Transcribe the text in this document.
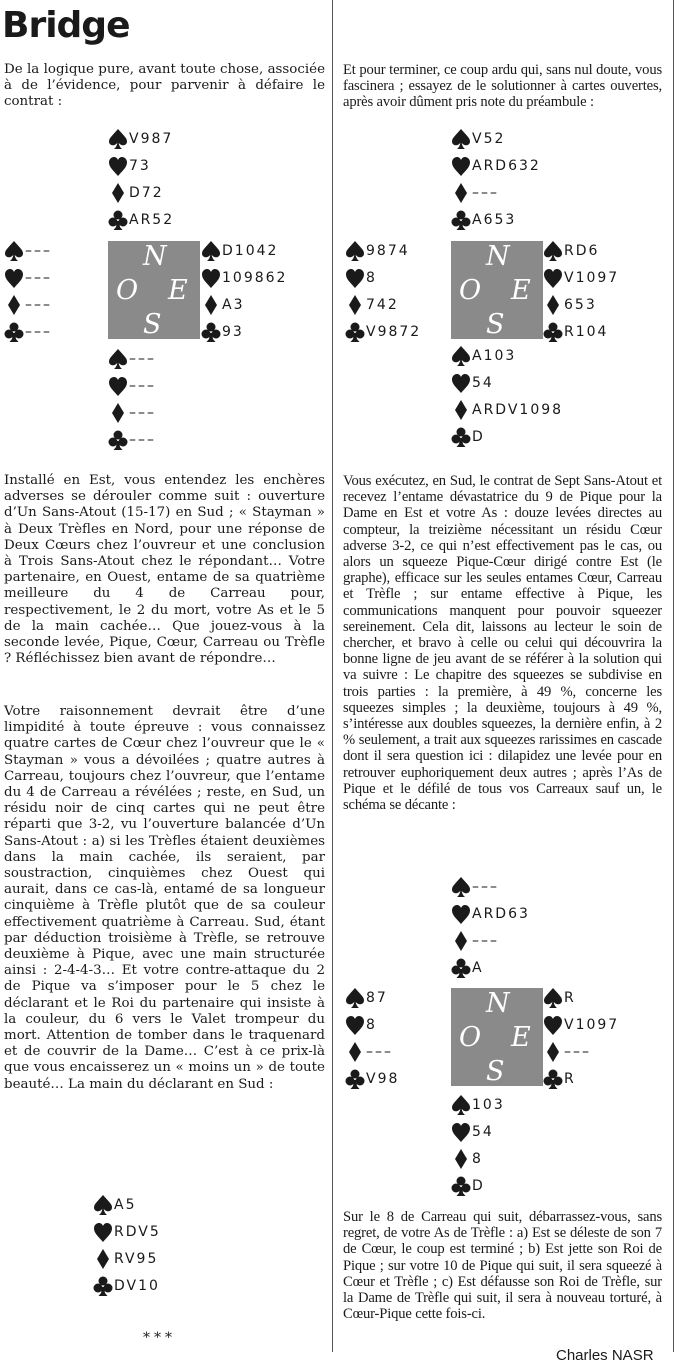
Bridge

De la logique pure, avant toute chose, associée à de l’évidence, pour parvenir à défaire le contrat :

Et pour terminer, ce coup ardu qui, sans nul doute, vous fascinera ; essayez de le solutionner à cartes ouvertes, après avoir dûment pris note du préambule :

V987
73
D72
AR52
–––
–––
–––
–––
N
O E
S
D1042
109862
A3
93
–––
–––
–––
–––
V52
ARD632
–––
A653
9874
8
742
V9872
N
O E
S
RD6
V1097
653
R104
A103
54
ARDV1098
D

Installé en Est, vous entendez les enchères adverses se dérouler comme suit : ouverture d’Un Sans-Atout (15-17) en Sud ; « Stayman » à Deux Trèfles en Nord, pour une réponse de Deux Cœurs chez l’ouvreur et une conclusion à Trois Sans-Atout chez le répondant… Votre partenaire, en Ouest, entame de sa quatrième meilleure du 4 de Carreau pour, respectivement, le 2 du mort, votre As et le 5 de la main cachée… Que jouez-vous à la seconde levée, Pique, Cœur, Carreau ou Trèfle ? Réfléchissez bien avant de répondre…

Votre raisonnement devrait être d’une limpidité à toute épreuve : vous connaissez quatre cartes de Cœur chez l’ouvreur que le « Stayman » vous a dévoilées ; quatre autres à Carreau, toujours chez l’ouvreur, que l’entame du 4 de Carreau a révélées ; reste, en Sud, un résidu noir de cinq cartes qui ne peut être réparti que 3-2, vu l’ouverture balancée d’Un Sans-Atout : a) si les Trèfles étaient deuxièmes dans la main cachée, ils seraient, par soustraction, cinquièmes chez Ouest qui aurait, dans ce cas-là, entamé de sa longueur cinquième à Trèfle plutôt que de sa couleur effectivement quatrième à Carreau. Sud, étant par déduction troisième à Trèfle, se retrouve deuxième à Pique, avec une main structurée ainsi : 2-4-4-3… Et votre contre-attaque du 2 de Pique va s’imposer pour le 5 chez le déclarant et le Roi du partenaire qui insiste à la couleur, du 6 vers le Valet trompeur du mort. Attention de tomber dans le traquenard et de couvrir de la Dame… C’est à ce prix-là que vous encaisserez un « moins un » de toute beauté… La main du déclarant en Sud :

Vous exécutez, en Sud, le contrat de Sept Sans-Atout et recevez l’entame dévastatrice du 9 de Pique pour la Dame en Est et votre As : douze levées directes au compteur, la treizième nécessitant un résidu Cœur adverse 3-2, ce qui n’est effectivement pas le cas, ou alors un squeeze Pique-Cœur dirigé contre Est (le graphe), efficace sur les seules entames Cœur, Carreau et Trèfle ; sur entame effective à Pique, les communications manquent pour pouvoir squeezer sereinement. Cela dit, laissons au lecteur le soin de chercher, et bravo à celle ou celui qui découvrira la bonne ligne de jeu avant de se référer à la solution qui va suivre : Le chapitre des squeezes se subdivise en trois parties : la première, à 49 %, concerne les squeezes simples ; la deuxième, toujours à 49 %, s’intéresse aux doubles squeezes, la dernière enfin, à 2 % seulement, a trait aux squeezes rarissimes en cascade dont il sera question ici : dilapidez une levée pour en retrouver euphoriquement deux autres ; après l’As de Pique et le défilé de tous vos Carreaux sauf un, le schéma se décante :

–––
ARD63
–––
A
87
8
–––
V98
N
O E
S
R
V1097
–––
R
103
54
8
D

Sur le 8 de Carreau qui suit, débarrassez-vous, sans regret, de votre As de Trèfle : a) Est se déleste de son 7 de Cœur, le coup est terminé ; b) Est jette son Roi de Pique ; sur votre 10 de Pique qui suit, il sera squeezé à Cœur et Trèfle ; c) Est défausse son Roi de Trèfle, sur la Dame de Trèfle qui suit, il sera à nouveau torturé, à Cœur-Pique cette fois-ci.

A5
RDV5
RV95
DV10
***
Charles NASR
